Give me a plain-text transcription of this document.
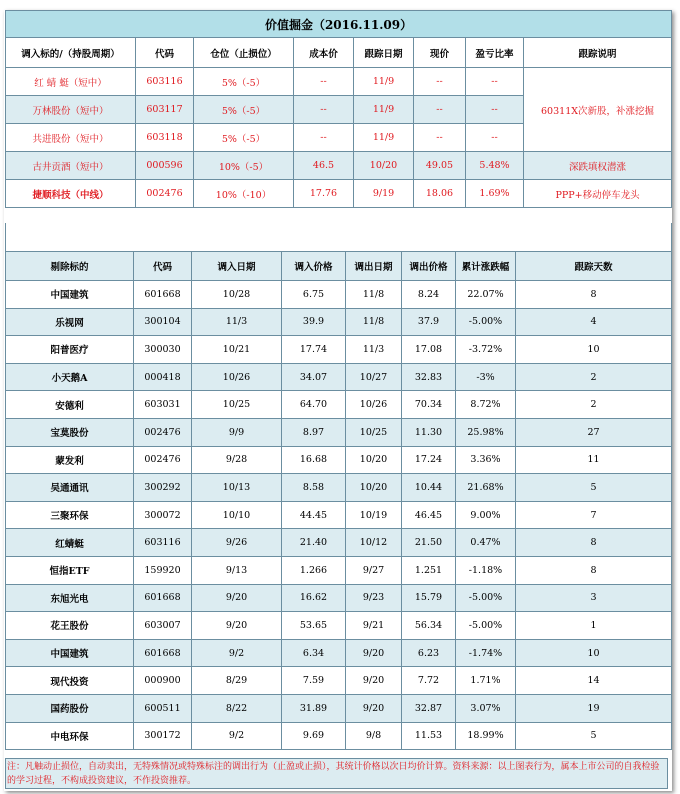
价值掘金（2016.11.09）							
调入标的/（持股周期）	代码	仓位（止损位）	成本价	跟踪日期	现价	盈亏比率	跟踪说明
红 蜻 蜓（短中）	603116	5%（-5）	--	11/9	--	--	60311X次新股，补涨挖掘
万林股份（短中）	603117	5%（-5）	--	11/9	--	--	
共进股份（短中）	603118	5%（-5）	--	11/9	--	--	
古井贡酒（短中）	000596	10%（-5）	46.5	10/20	49.05	5.48%	深跌填权潜涨
捷顺科技（中线）	002476	10%（-10）	17.76	9/19	18.06	1.69%	PPP+移动停车龙头
剔除标的	代码	调入日期	调入价格	调出日期	调出价格	累计涨跌幅	跟踪天数
中国建筑	601668	10/28	6.75	11/8	8.24	22.07%	8
乐视网	300104	11/3	39.9	11/8	37.9	-5.00%	4
阳普医疗	300030	10/21	17.74	11/3	17.08	-3.72%	10
小天鹅A	000418	10/26	34.07	10/27	32.83	-3%	2
安德利	603031	10/25	64.70	10/26	70.34	8.72%	2
宝莫股份	002476	9/9	8.97	10/25	11.30	25.98%	27
蒙发利	002476	9/28	16.68	10/20	17.24	3.36%	11
吴通通讯	300292	10/13	8.58	10/20	10.44	21.68%	5
三聚环保	300072	10/10	44.45	10/19	46.45	9.00%	7
红蜻蜓	603116	9/26	21.40	10/12	21.50	0.47%	8
恒指ETF	159920	9/13	1.266	9/27	1.251	-1.18%	8
东旭光电	601668	9/20	16.62	9/23	15.79	-5.00%	3
花王股份	603007	9/20	53.65	9/21	56.34	-5.00%	1
中国建筑	601668	9/2	6.34	9/20	6.23	-1.74%	10
现代投资	000900	8/29	7.59	9/20	7.72	1.71%	14
国药股份	600511	8/22	31.89	9/20	32.87	3.07%	19
中电环保	300172	9/2	9.69	9/8	11.53	18.99%	5
注：凡触动止损位，自动卖出，无特殊情况或特殊标注的调出行为（止盈或止损），其统计价格以次日均价计算。资料来源：以上图表行为，属本上市公司的自我检验的学习过程，不构成投资建议，不作投资推荐。
